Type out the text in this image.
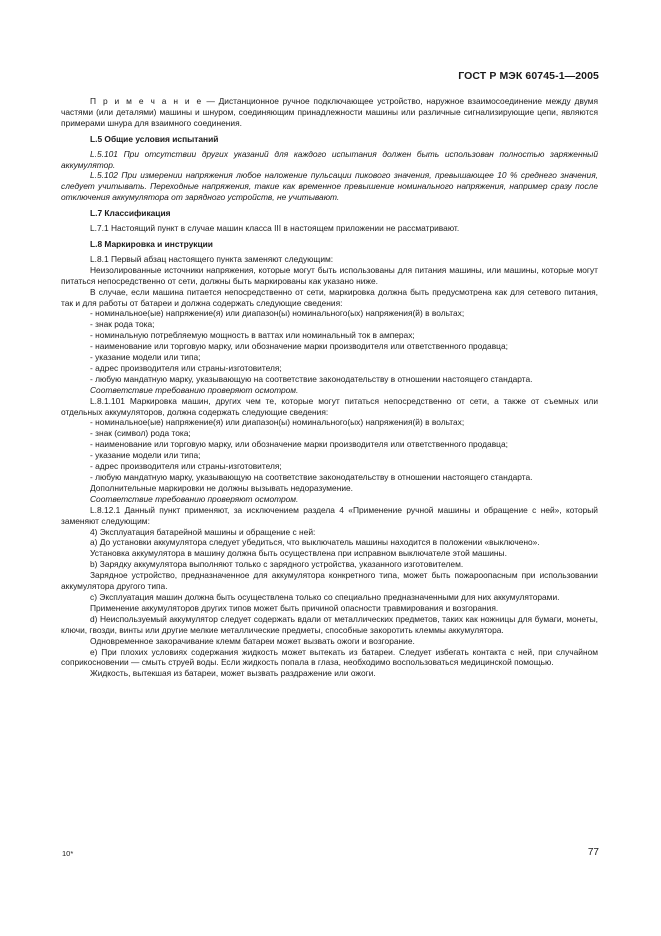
ГОСТ Р МЭК 60745-1—2005

П р и м е ч а н и е — Дистанционное ручное подключающее устройство, наружное взаимосоединение между двумя частями (или деталями) машины и шнуром, соединяющим принадлежности машины или различные сигнализирующие цепи, являются примерами шнура для взаимного соединения.

L.5 Общие условия испытаний

L.5.101 При отсутствии других указаний для каждого испытания должен быть использован полностью заряженный аккумулятор.

L.5.102 При измерении напряжения любое наложение пульсации пикового значения, превышающее 10 % среднего значения, следует учитывать. Переходные напряжения, такие как временное превышение номинального напряжения, например сразу после отключения аккумулятора от зарядного устройств, не учитывают.

L.7 Классификация

L.7.1 Настоящий пункт в случае машин класса III в настоящем приложении не рассматривают.

L.8 Маркировка и инструкции

L.8.1 Первый абзац настоящего пункта заменяют следующим:

Неизолированные источники напряжения, которые могут быть использованы для питания машины, или машины, которые могут питаться непосредственно от сети, должны быть маркированы как указано ниже.

В случае, если машина питается непосредственно от сети, маркировка должна быть предусмотрена как для сетевого питания, так и для работы от батареи и должна содержать следующие сведения:

- номинальное(ые) напряжение(я) или диапазон(ы) номинального(ых) напряжения(й) в вольтах;

- знак рода тока;

- номинальную потребляемую мощность в ваттах или номинальный ток в амперах;

- наименование или торговую марку, или обозначение марки производителя или ответственного продавца;

- указание модели или типа;

- адрес производителя или страны-изготовителя;

- любую мандатную марку, указывающую на соответствие законодательству в отношении настоящего стандарта.

Соответствие требованию проверяют осмотром.

L.8.1.101 Маркировка машин, других чем те, которые могут питаться непосредственно от сети, а также от съемных или отдельных аккумуляторов, должна содержать следующие сведения:

- номинальное(ые) напряжение(я) или диапазон(ы) номинального(ых) напряжения(й) в вольтах;

- знак (символ) рода тока;

- наименование или торговую марку, или обозначение марки производителя или ответственного продавца;

- указание модели или типа;

- адрес производителя или страны-изготовителя;

- любую мандатную марку, указывающую на соответствие законодательству в отношении настоящего стандарта.

Дополнительные маркировки не должны вызывать недоразумение.

Соответствие требованию проверяют осмотром.

L.8.12.1 Данный пункт применяют, за исключением раздела 4 «Применение ручной машины и обращение с ней», который заменяют следующим:

4) Эксплуатация батарейной машины и обращение с ней:

a) До установки аккумулятора следует убедиться, что выключатель машины находится в положении «выключено».

Установка аккумулятора в машину должна быть осуществлена при исправном выключателе этой машины.

b) Зарядку аккумулятора выполняют только с зарядного устройства, указанного изготовителем.

Зарядное устройство, предназначенное для аккумулятора конкретного типа, может быть пожароопасным при использовании аккумулятора другого типа.

c) Эксплуатация машин должна быть осуществлена только со специально предназначенными для них аккумуляторами.

Применение аккумуляторов других типов может быть причиной опасности травмирования и возгорания.

d) Неиспользуемый аккумулятор следует содержать вдали от металлических предметов, таких как ножницы для бумаги, монеты, ключи, гвозди, винты или другие мелкие металлические предметы, способные закоротить клеммы аккумулятора.

Одновременное закорачивание клемм батареи может вызвать ожоги и возгорание.

e) При плохих условиях содержания жидкость может вытекать из батареи. Следует избегать контакта с ней, при случайном соприкосновении — смыть струей воды. Если жидкость попала в глаза, необходимо воспользоваться медицинской помощью.

Жидкость, вытекшая из батареи, может вызвать раздражение или ожоги.

10*	77
